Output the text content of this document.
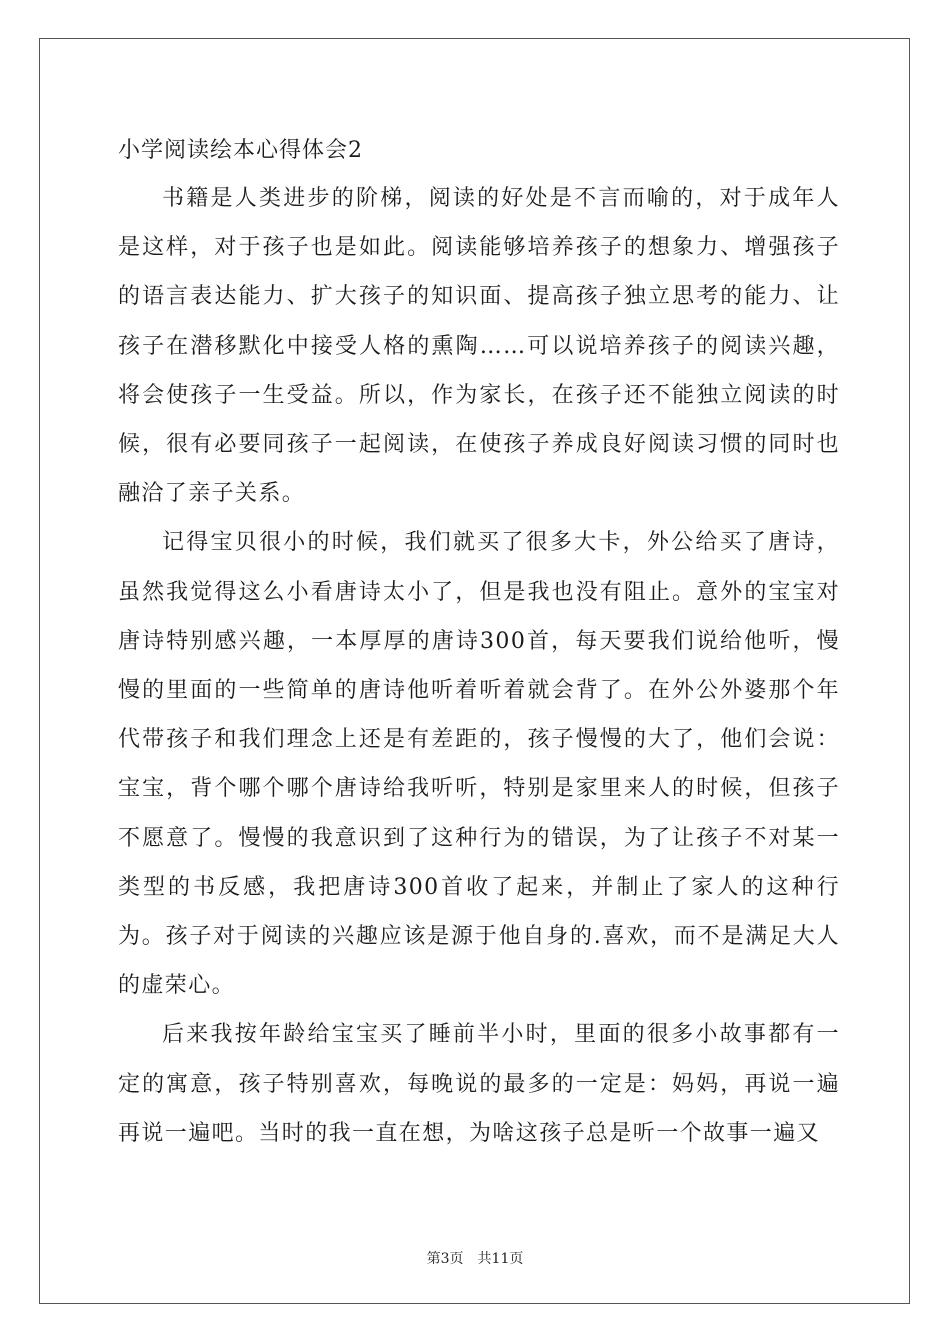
小学阅读绘本心得体会2

书籍是人类进步的阶梯，阅读的好处是不言而喻的，对于成年人是这样，对于孩子也是如此。阅读能够培养孩子的想象力、增强孩子的语言表达能力、扩大孩子的知识面、提高孩子独立思考的能力、让孩子在潜移默化中接受人格的熏陶……可以说培养孩子的阅读兴趣，将会使孩子一生受益。所以，作为家长，在孩子还不能独立阅读的时候，很有必要同孩子一起阅读，在使孩子养成良好阅读习惯的同时也融洽了亲子关系。

记得宝贝很小的时候，我们就买了很多大卡，外公给买了唐诗，虽然我觉得这么小看唐诗太小了，但是我也没有阻止。意外的宝宝对唐诗特别感兴趣，一本厚厚的唐诗300首，每天要我们说给他听，慢慢的里面的一些简单的唐诗他听着听着就会背了。在外公外婆那个年代带孩子和我们理念上还是有差距的，孩子慢慢的大了，他们会说：宝宝，背个哪个哪个唐诗给我听听，特别是家里来人的时候，但孩子不愿意了。慢慢的我意识到了这种行为的错误，为了让孩子不对某一类型的书反感，我把唐诗300首收了起来，并制止了家人的这种行为。孩子对于阅读的兴趣应该是源于他自身的.喜欢，而不是满足大人的虚荣心。

后来我按年龄给宝宝买了睡前半小时，里面的很多小故事都有一定的寓意，孩子特别喜欢，每晚说的最多的一定是：妈妈，再说一遍再说一遍吧。当时的我一直在想，为啥这孩子总是听一个故事一遍又

第3页 共11页
